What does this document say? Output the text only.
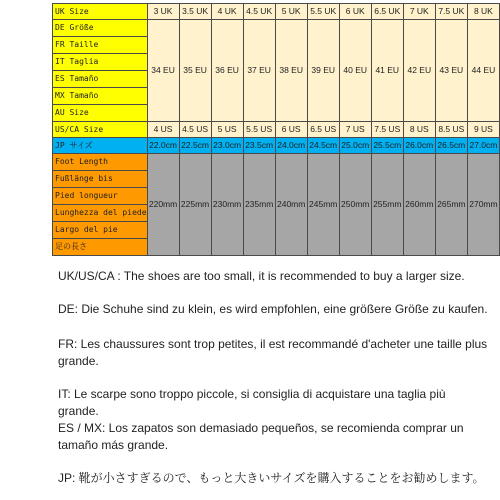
UK Size	3 UK	3.5 UK	4 UK	4.5 UK	5 UK	5.5 UK	6 UK	6.5 UK	7 UK	7.5 UK	8 UK
DE Größe	34 EU	35 EU	36 EU	37 EU	38 EU	39 EU	40 EU	41 EU	42 EU	43 EU	44 EU
FR Taille											
IT Taglia											
ES Tamaño											
MX Tamaño											
AU Size											
US/CA Size	4 US	4.5 US	5 US	5.5 US	6 US	6.5 US	7 US	7.5 US	8 US	8.5 US	9 US
JP サイズ	22.0cm	22.5cm	23.0cm	23.5cm	24.0cm	24.5cm	25.0cm	25.5cm	26.0cm	26.5cm	27.0cm
Foot Length	220mm	225mm	230mm	235mm	240mm	245mm	250mm	255mm	260mm	265mm	270mm
Fußlänge bis											
Pied longueur											
Lunghezza del piede											
Largo del pie											
足の長さ											
UK/US/CA : The shoes are too small, it is recommended to buy a larger size.
DE: Die Schuhe sind zu klein, es wird empfohlen, eine größere Größe zu kaufen.
FR: Les chaussures sont trop petites, il est recommandé d'acheter une taille plus grande.
IT: Le scarpe sono troppo piccole, si consiglia di acquistare una taglia più grande.
ES / MX: Los zapatos son demasiado pequeños, se recomienda comprar un tamaño más grande.
JP: 靴が小さすぎるので、もっと大きいサイズを購入することをお勧めします。
